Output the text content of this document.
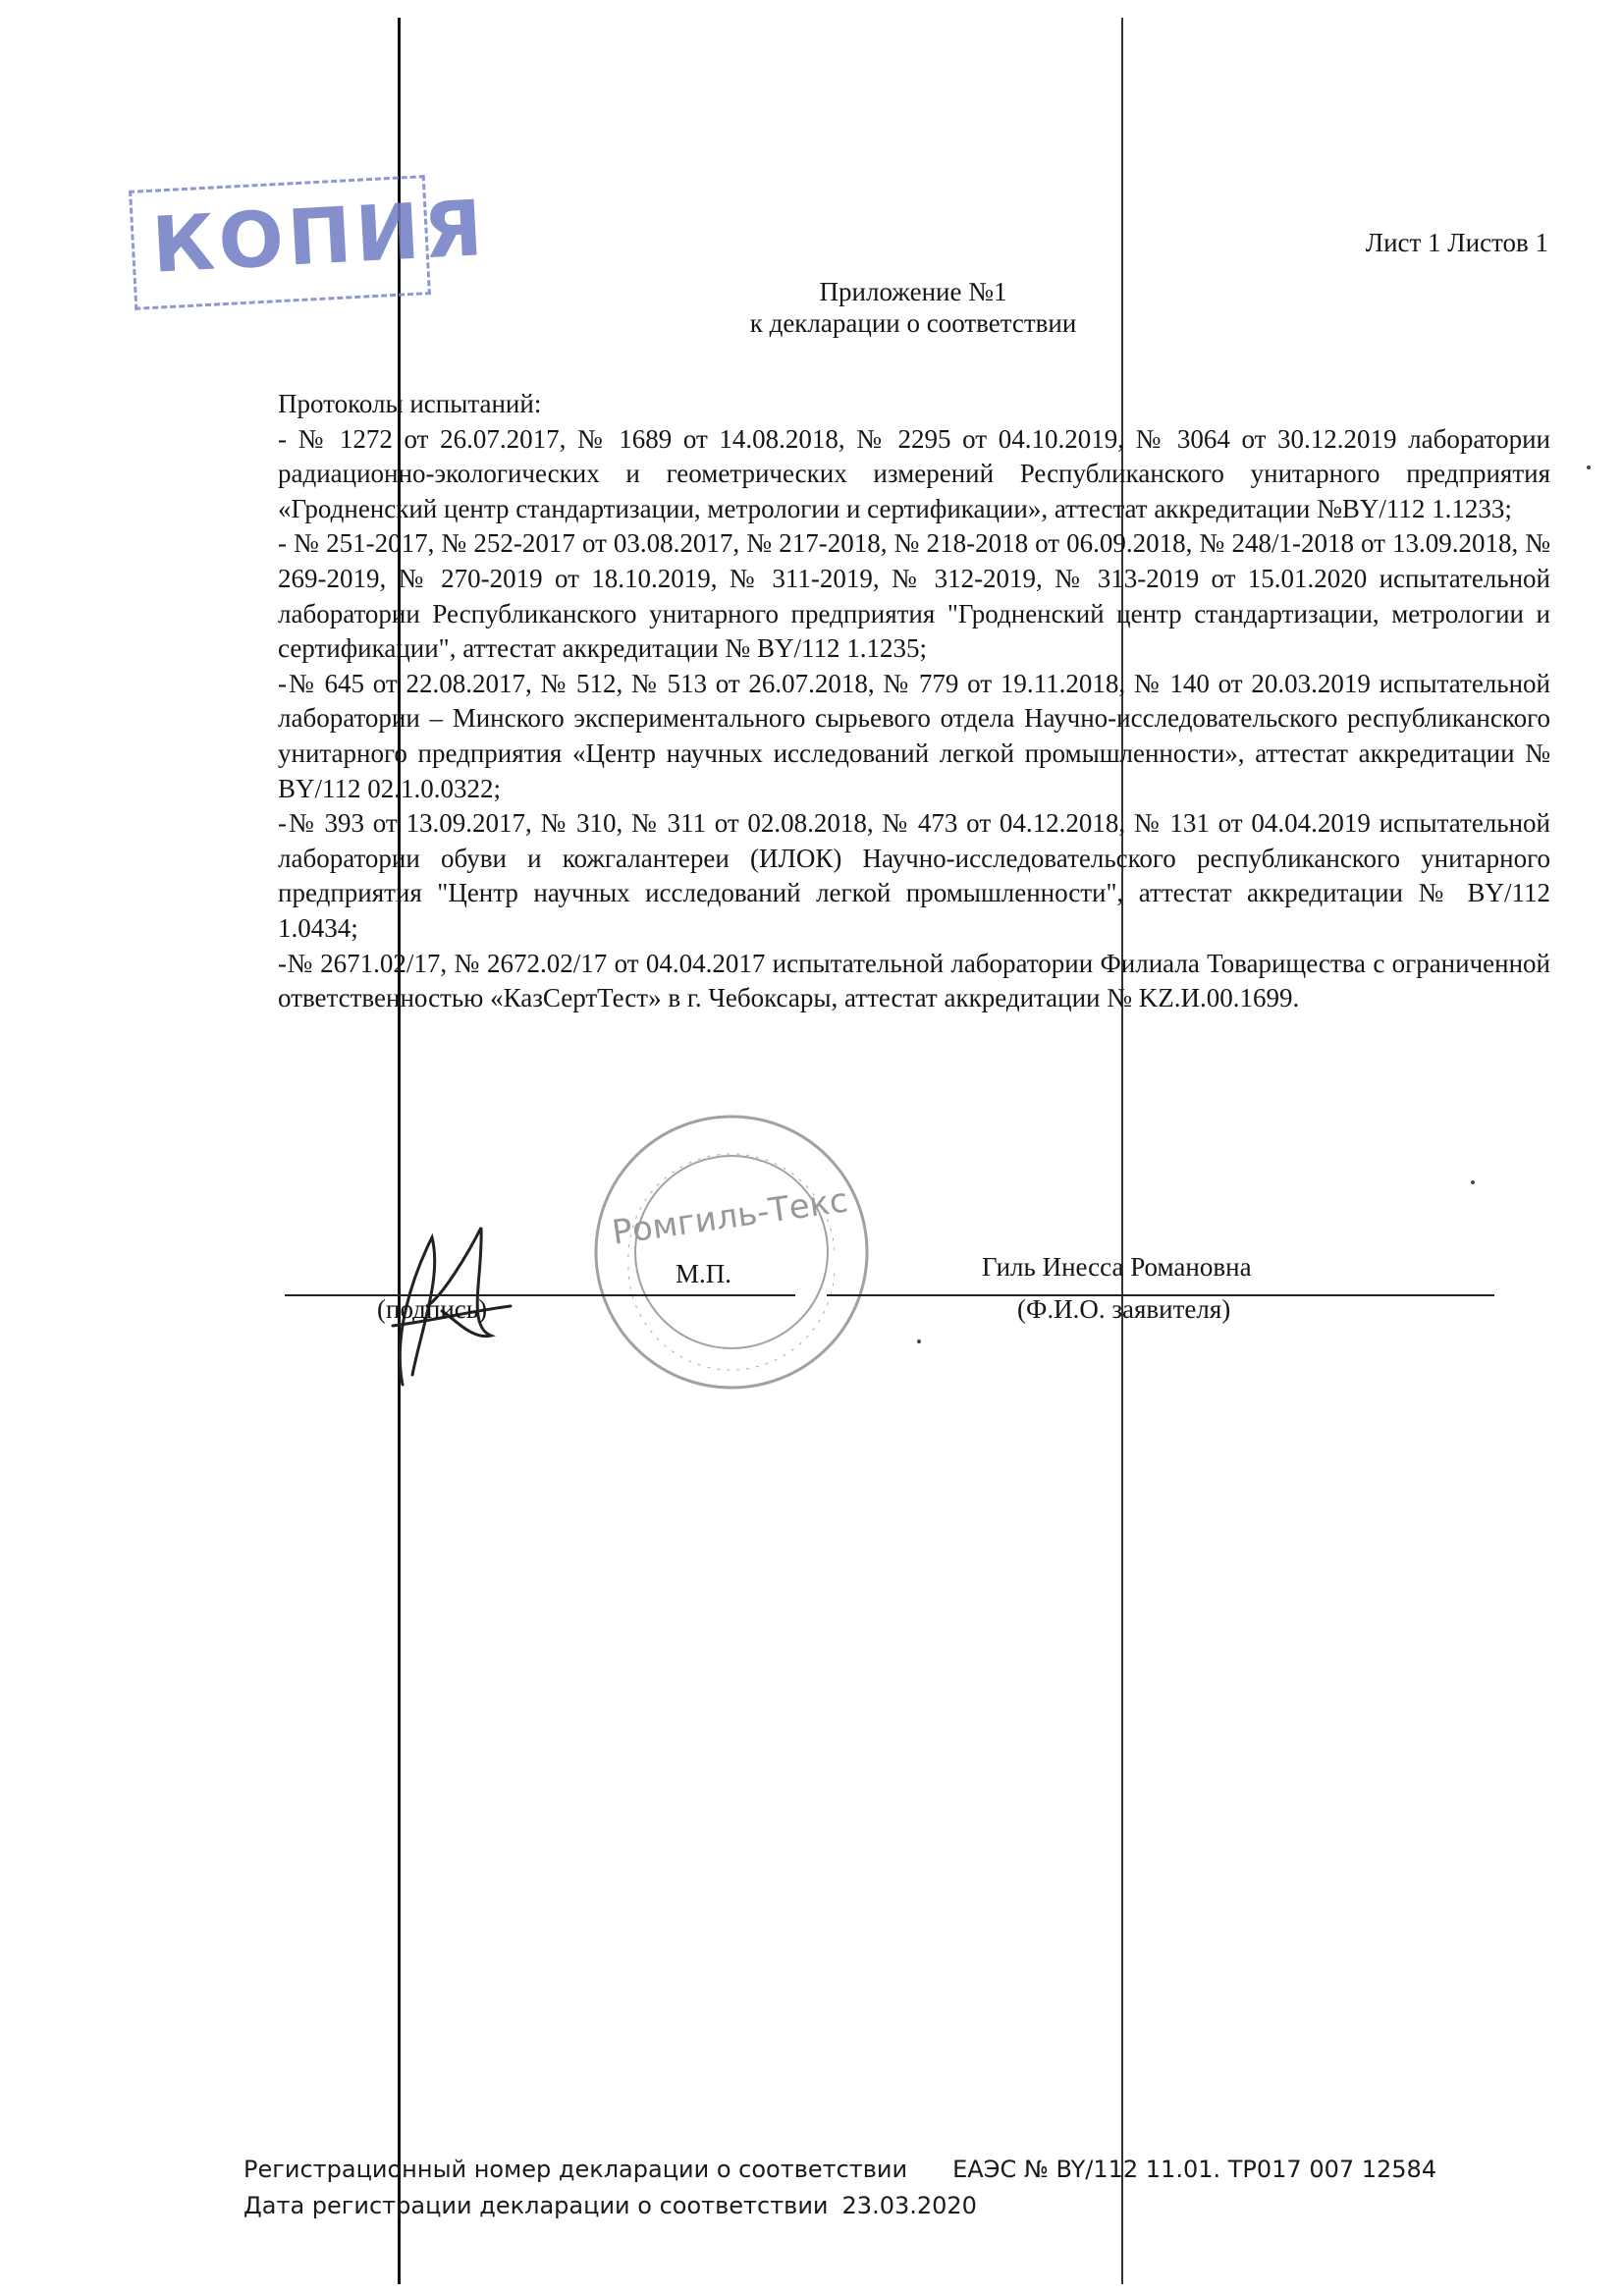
КОПИЯ	Лист 1 Листов 1
Приложение №1
к декларации о соответствии

Протоколы испытаний:

- № 1272 от 26.07.2017, № 1689 от 14.08.2018, № 2295 от 04.10.2019, № 3064 от 30.12.2019 лаборатории радиационно-экологических и геометрических измерений Республиканского унитарного предприятия «Гродненский центр стандартизации, метрологии и сертификации», аттестат аккредитации №BY/112 1.1233;

- № 251-2017, № 252-2017 от 03.08.2017, № 217-2018, № 218-2018 от 06.09.2018, № 248/1-2018 от 13.09.2018, № 269-2019, № 270-2019 от 18.10.2019, № 311-2019, № 312-2019, № 313-2019 от 15.01.2020 испытательной лаборатории Республиканского унитарного предприятия "Гродненский центр стандартизации, метрологии и сертификации", аттестат аккредитации № BY/112 1.1235;

-№ 645 от 22.08.2017, № 512, № 513 от 26.07.2018, № 779 от 19.11.2018, № 140 от 20.03.2019 испытательной лаборатории – Минского экспериментального сырьевого отдела Научно-исследовательского республиканского унитарного предприятия «Центр научных исследований легкой промышленности», аттестат аккредитации № BY/112 02.1.0.0322;

-№ 393 от 13.09.2017, № 310, № 311 от 02.08.2018, № 473 от 04.12.2018, № 131 от 04.04.2019 испытательной лаборатории обуви и кожгалантереи (ИЛОК) Научно-исследовательского республиканского унитарного предприятия "Центр научных исследований легкой промышленности", аттестат аккредитации № BY/112 1.0434;

-№ 2671.02/17, № 2672.02/17 от 04.04.2017 испытательной лаборатории Филиала Товарищества с ограниченной ответственностью «КазСертТест» в г. Чебоксары, аттестат аккредитации № KZ.И.00.1699.

Ромгиль-Текс
М.П.	Гиль Инесса Романовна
(подпись)	(Ф.И.О. заявителя)
Регистрационный номер декларации о соответствии ЕАЭС № BY/112 11.01. ТР017 007 12584
Дата регистрации декларации о соответствии 23.03.2020
